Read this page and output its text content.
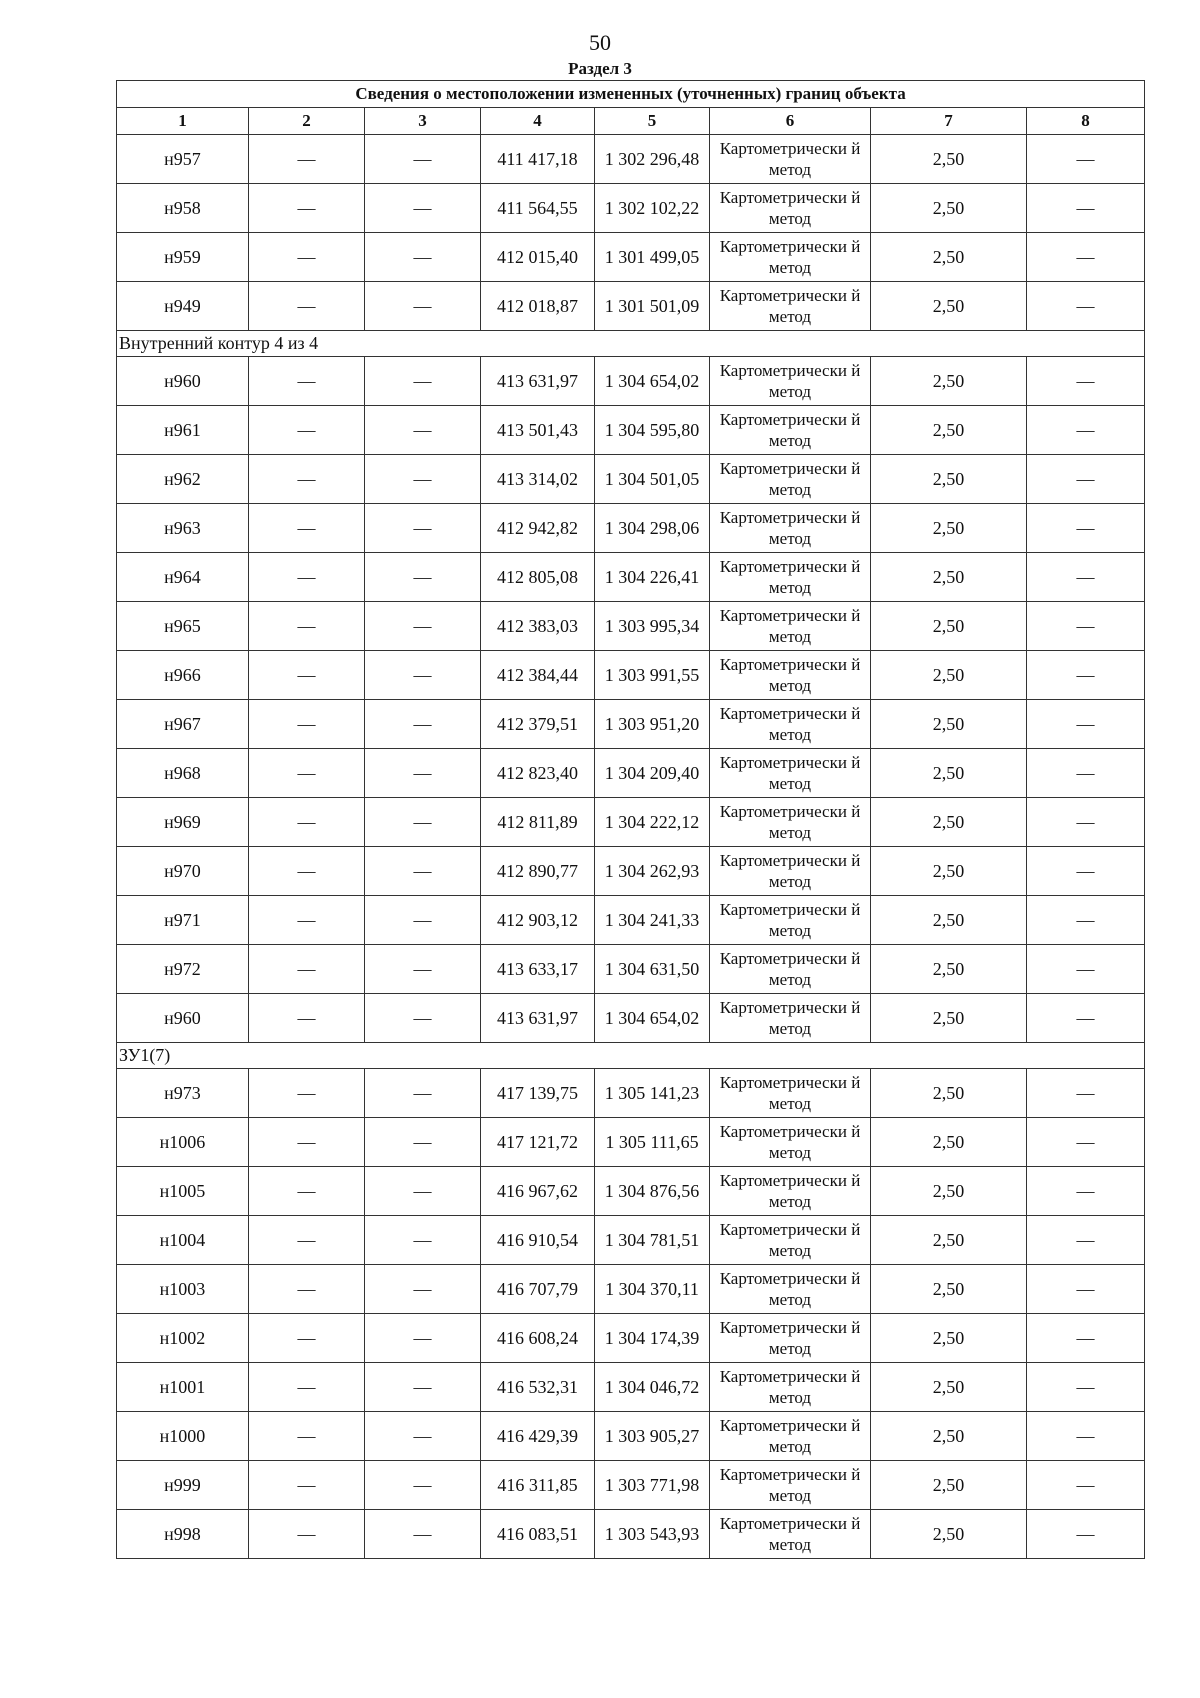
50
Раздел 3
Сведения о местоположении измененных (уточненных) границ объекта							
1	2	3	4	5	6	7	8
н957	—	—	411 417,18	1 302 296,48	Картометрически й метод	2,50	—
н958	—	—	411 564,55	1 302 102,22	Картометрически й метод	2,50	—
н959	—	—	412 015,40	1 301 499,05	Картометрически й метод	2,50	—
н949	—	—	412 018,87	1 301 501,09	Картометрически й метод	2,50	—
Внутренний контур 4 из 4							
н960	—	—	413 631,97	1 304 654,02	Картометрически й метод	2,50	—
н961	—	—	413 501,43	1 304 595,80	Картометрически й метод	2,50	—
н962	—	—	413 314,02	1 304 501,05	Картометрически й метод	2,50	—
н963	—	—	412 942,82	1 304 298,06	Картометрически й метод	2,50	—
н964	—	—	412 805,08	1 304 226,41	Картометрически й метод	2,50	—
н965	—	—	412 383,03	1 303 995,34	Картометрически й метод	2,50	—
н966	—	—	412 384,44	1 303 991,55	Картометрически й метод	2,50	—
н967	—	—	412 379,51	1 303 951,20	Картометрически й метод	2,50	—
н968	—	—	412 823,40	1 304 209,40	Картометрически й метод	2,50	—
н969	—	—	412 811,89	1 304 222,12	Картометрически й метод	2,50	—
н970	—	—	412 890,77	1 304 262,93	Картометрически й метод	2,50	—
н971	—	—	412 903,12	1 304 241,33	Картометрически й метод	2,50	—
н972	—	—	413 633,17	1 304 631,50	Картометрически й метод	2,50	—
н960	—	—	413 631,97	1 304 654,02	Картометрически й метод	2,50	—
ЗУ1(7)							
н973	—	—	417 139,75	1 305 141,23	Картометрически й метод	2,50	—
н1006	—	—	417 121,72	1 305 111,65	Картометрически й метод	2,50	—
н1005	—	—	416 967,62	1 304 876,56	Картометрически й метод	2,50	—
н1004	—	—	416 910,54	1 304 781,51	Картометрически й метод	2,50	—
н1003	—	—	416 707,79	1 304 370,11	Картометрически й метод	2,50	—
н1002	—	—	416 608,24	1 304 174,39	Картометрически й метод	2,50	—
н1001	—	—	416 532,31	1 304 046,72	Картометрически й метод	2,50	—
н1000	—	—	416 429,39	1 303 905,27	Картометрически й метод	2,50	—
н999	—	—	416 311,85	1 303 771,98	Картометрически й метод	2,50	—
н998	—	—	416 083,51	1 303 543,93	Картометрически й метод	2,50	—
